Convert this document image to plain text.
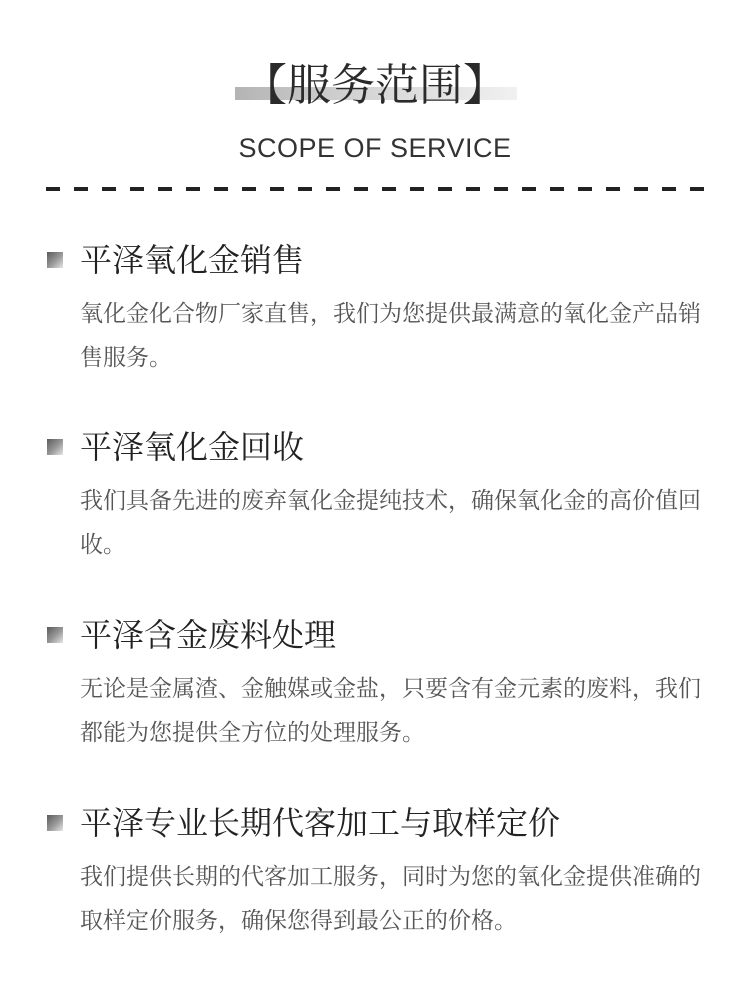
【服务范围】
SCOPE OF SERVICE
平泽氧化金销售
氧化金化合物厂家直售，我们为您提供最满意的氧化金产品销售服务。
平泽氧化金回收
我们具备先进的废弃氧化金提纯技术，确保氧化金的高价值回收。
平泽含金废料处理
无论是金属渣、金触媒或金盐，只要含有金元素的废料，我们都能为您提供全方位的处理服务。
平泽专业长期代客加工与取样定价
我们提供长期的代客加工服务，同时为您的氧化金提供准确的取样定价服务，确保您得到最公正的价格。
